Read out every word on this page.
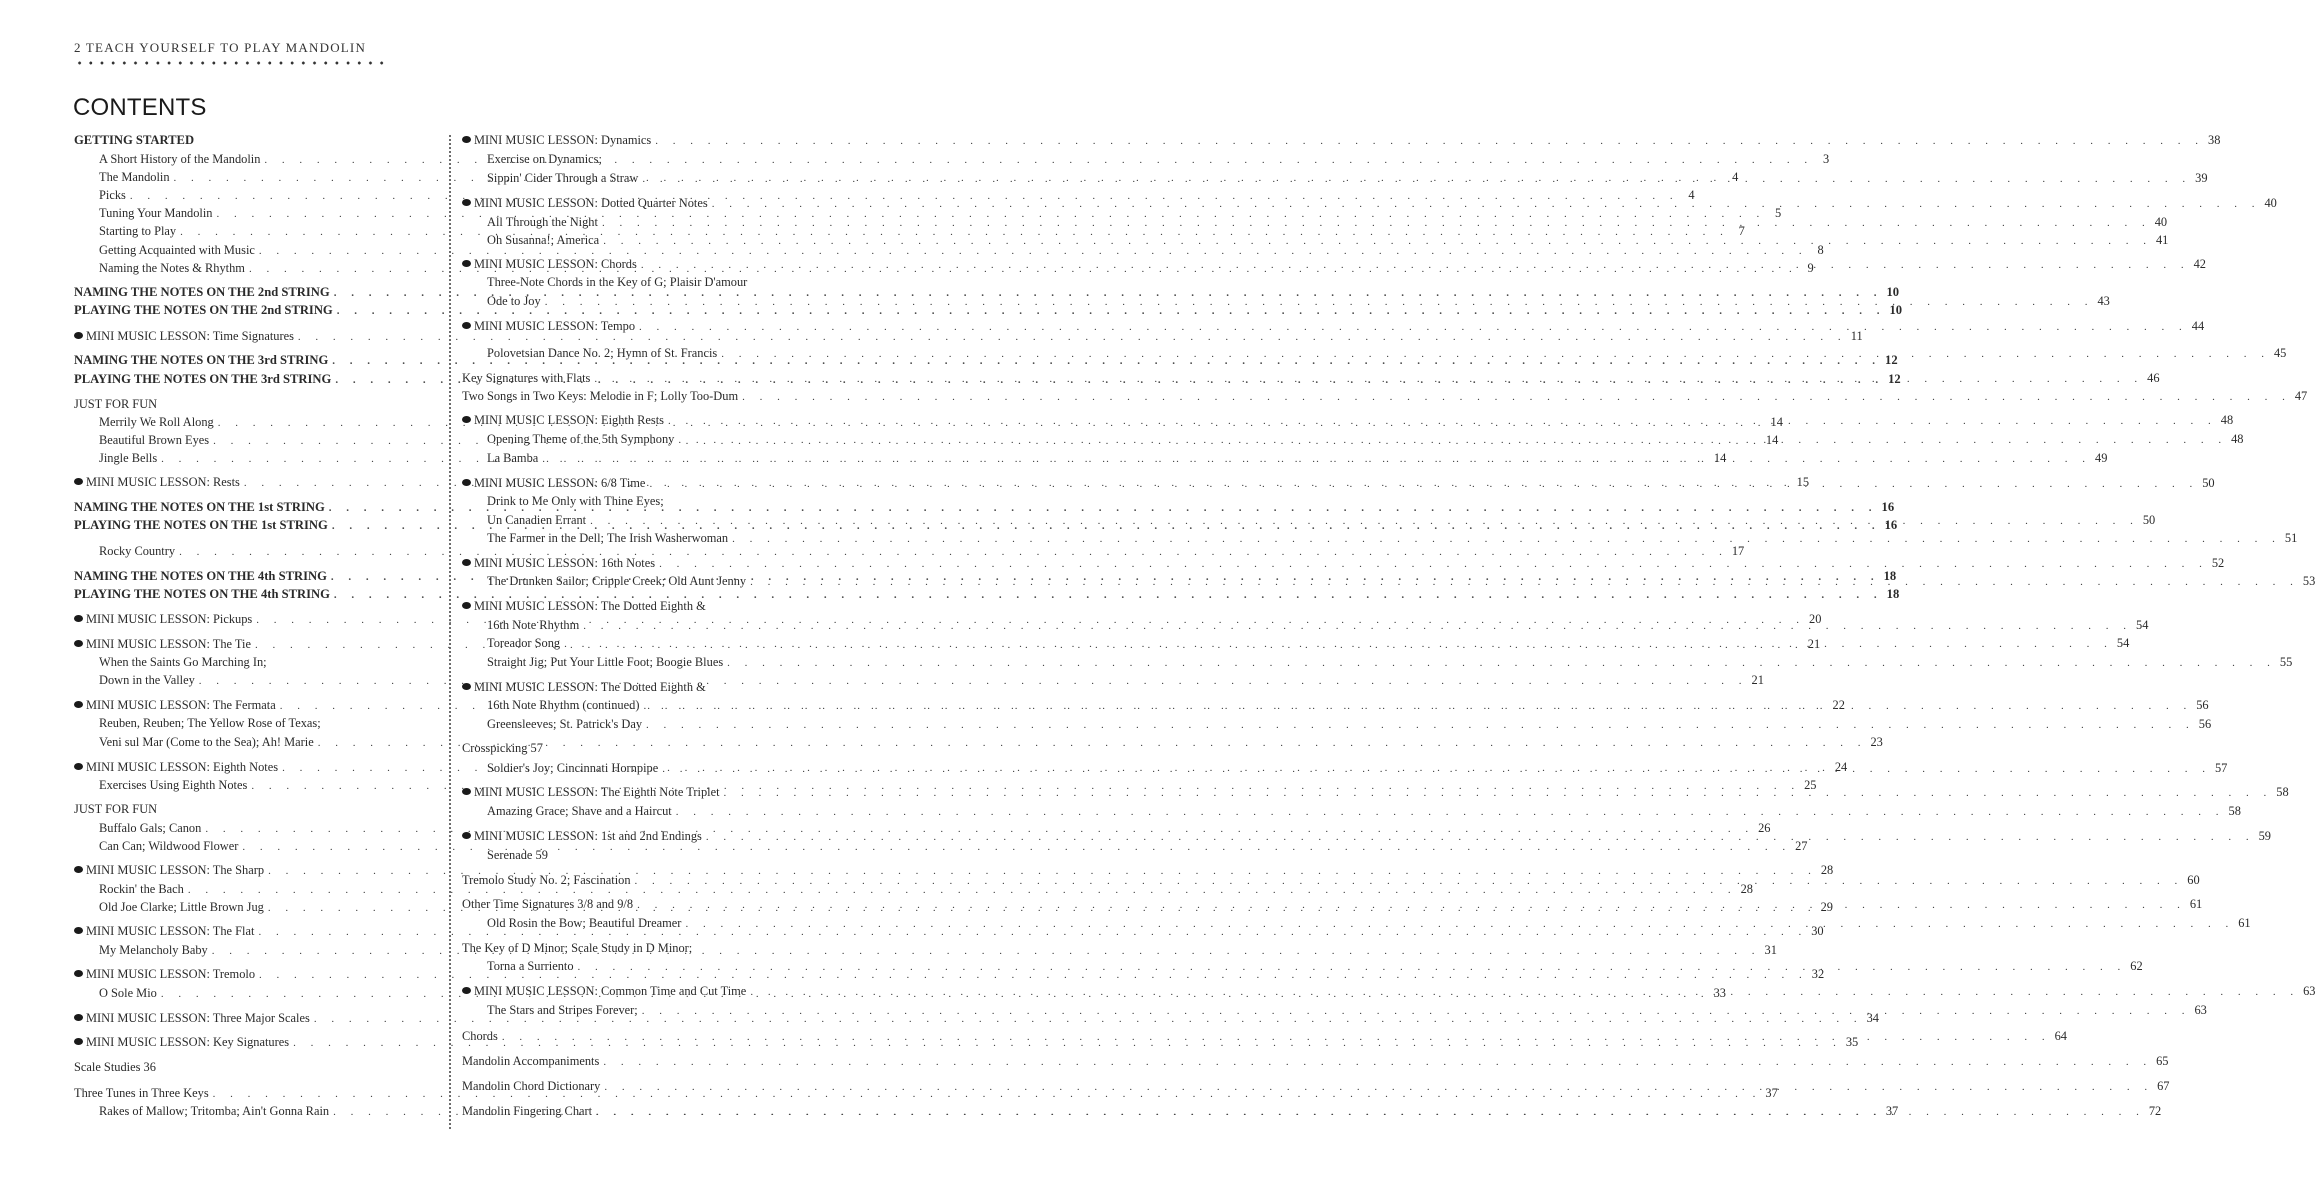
2 TEACH YOURSELF TO PLAY MANDOLIN
CONTENTS
GETTING STARTED
A Short History of the Mandolin . . .	3
The Mandolin . . .	4
Picks . . .	4
Tuning Your Mandolin . . .	5
Starting to Play . . .	7
Getting Acquainted with Music . . .	8
Naming the Notes & Rhythm . . .	9
NAMING THE NOTES ON THE 2nd STRING . . .	10
PLAYING THE NOTES ON THE 2nd STRING . . .	10
MINI MUSIC LESSON: Time Signatures . . .	11
NAMING THE NOTES ON THE 3rd STRING . . .	12
PLAYING THE NOTES ON THE 3rd STRING . . .	12
JUST FOR FUN
Merrily We Roll Along . . .	14
Beautiful Brown Eyes . . .	14
Jingle Bells . . .	14
MINI MUSIC LESSON: Rests . . .	15
NAMING THE NOTES ON THE 1st STRING . . .	16
PLAYING THE NOTES ON THE 1st STRING . . .	16
Rocky Country . . .	17
NAMING THE NOTES ON THE 4th STRING . . .	18
PLAYING THE NOTES ON THE 4th STRING . . .	18
MINI MUSIC LESSON: Pickups . . .	20
MINI MUSIC LESSON: The Tie . . .	21
When the Saints Go Marching In;
Down in the Valley . . .	21
MINI MUSIC LESSON: The Fermata . . .	22
Reuben, Reuben; The Yellow Rose of Texas;
Veni sul Mar (Come to the Sea); Ah! Marie . . .	23
MINI MUSIC LESSON: Eighth Notes . . .	24
Exercises Using Eighth Notes . . .	25
JUST FOR FUN
Buffalo Gals; Canon . . .	26
Can Can; Wildwood Flower . . .	27
MINI MUSIC LESSON: The Sharp . . .	28
Rockin' the Bach . . .	28
Old Joe Clarke; Little Brown Jug . . .	29
MINI MUSIC LESSON: The Flat . . .	30
My Melancholy Baby . . .	31
MINI MUSIC LESSON: Tremolo . . .	32
O Sole Mio . . .	33
MINI MUSIC LESSON: Three Major Scales . . .	34
MINI MUSIC LESSON: Key Signatures . . .	35
Scale Studies 36
Three Tunes in Three Keys . . .	37
Rakes of Mallow; Tritomba; Ain't Gonna Rain . . .	37
MINI MUSIC LESSON: Dynamics . . .	38
Exercise on Dynamics;
Sippin' Cider Through a Straw . . .	39
MINI MUSIC LESSON: Dotted Quarter Notes . . .	40
All Through the Night . . .	40
Oh Susanna!; America . . .	41
MINI MUSIC LESSON: Chords . . .	42
Three-Note Chords in the Key of G; Plaisir D'amour
Ode to Joy . . .	43
MINI MUSIC LESSON: Tempo . . .	44
Polovetsian Dance No. 2; Hymn of St. Francis . . .	45
Key Signatures with Flats . . .	46
Two Songs in Two Keys: Melodie in F; Lolly Too-Dum . . .	47
MINI MUSIC LESSON: Eighth Rests . . .	48
Opening Theme of the 5th Symphony . . .	48
La Bamba . . .	49
MINI MUSIC LESSON: 6/8 Time . . .	50
Drink to Me Only with Thine Eyes;
Un Canadien Errant . . .	50
The Farmer in the Dell; The Irish Washerwoman . . .	51
MINI MUSIC LESSON: 16th Notes . . .	52
The Drunken Sailor; Cripple Creek; Old Aunt Jenny . . .	53
MINI MUSIC LESSON: The Dotted Eighth &
16th Note Rhythm . . .	54
Toreador Song . . .	54
Straight Jig; Put Your Little Foot; Boogie Blues . . .	55
MINI MUSIC LESSON: The Dotted Eighth &
16th Note Rhythm (continued) . . .	56
Greensleeves; St. Patrick's Day . . .	56
Crosspicking 57
Soldier's Joy; Cincinnati Hornpipe . . .	57
MINI MUSIC LESSON: The Eighth Note Triplet . . .	58
Amazing Grace; Shave and a Haircut . . .	58
MINI MUSIC LESSON: 1st and 2nd Endings . . .	59
Serenade 59
Tremolo Study No. 2; Fascination . . .	60
Other Time Signatures 3/8 and 9/8 . . .	61
Old Rosin the Bow; Beautiful Dreamer . . .	61
The Key of D Minor; Scale Study in D Minor;
Torna a Surriento . . .	62
MINI MUSIC LESSON: Common Time and Cut Time . . .	63
The Stars and Stripes Forever; . . .	63
Chords . . .	64
Mandolin Accompaniments . . .	65
Mandolin Chord Dictionary . . .	67
Mandolin Fingering Chart . . .	72
